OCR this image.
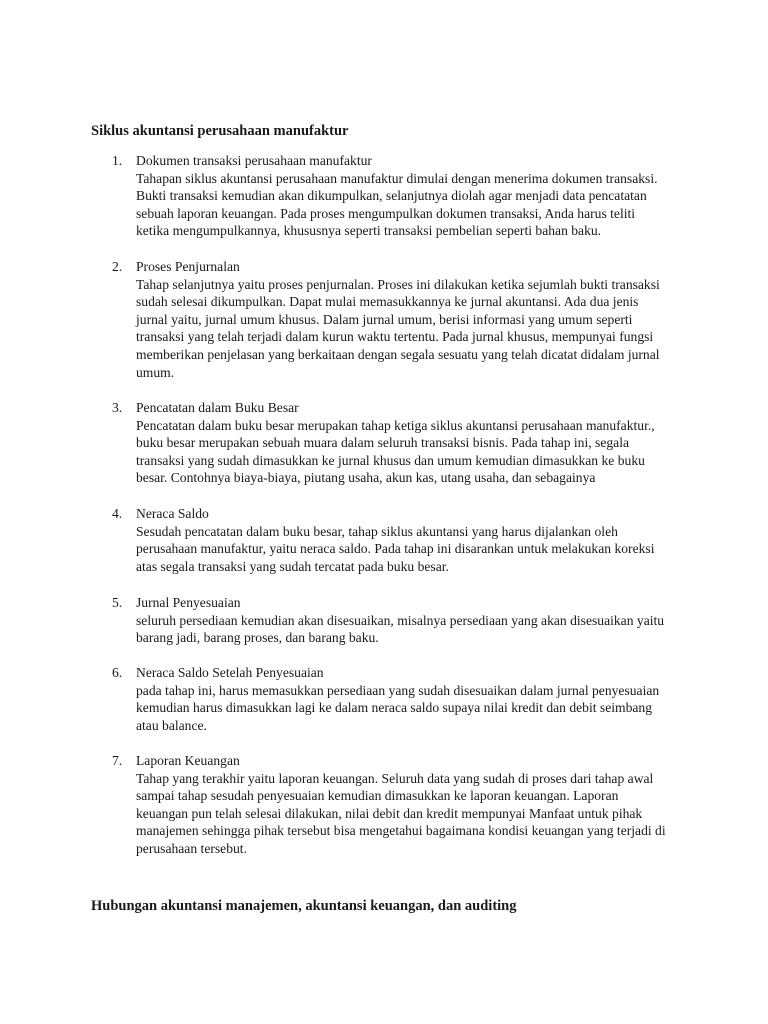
Siklus akuntansi perusahaan manufaktur
1.	Dokumen transaksi perusahaan manufaktur
Tahapan siklus akuntansi perusahaan manufaktur dimulai dengan menerima dokumen transaksi.
Bukti transaksi kemudian akan dikumpulkan, selanjutnya diolah agar menjadi data pencatatan
sebuah laporan keuangan. Pada proses mengumpulkan dokumen transaksi, Anda harus teliti
ketika mengumpulkannya, khususnya seperti transaksi pembelian seperti bahan baku.
2.	Proses Penjurnalan
Tahap selanjutnya yaitu proses penjurnalan. Proses ini dilakukan ketika sejumlah bukti transaksi
sudah selesai dikumpulkan. Dapat mulai memasukkannya ke jurnal akuntansi. Ada dua jenis
jurnal yaitu, jurnal umum khusus. Dalam jurnal umum, berisi informasi yang umum seperti
transaksi yang telah terjadi dalam kurun waktu tertentu. Pada jurnal khusus, mempunyai fungsi
memberikan penjelasan yang berkaitaan dengan segala sesuatu yang telah dicatat didalam jurnal
umum.
3.	Pencatatan dalam Buku Besar
Pencatatan dalam buku besar merupakan tahap ketiga siklus akuntansi perusahaan manufaktur.,
buku besar merupakan sebuah muara dalam seluruh transaksi bisnis. Pada tahap ini, segala
transaksi yang sudah dimasukkan ke jurnal khusus dan umum kemudian dimasukkan ke buku
besar. Contohnya biaya-biaya, piutang usaha, akun kas, utang usaha, dan sebagainya
4.	Neraca Saldo
Sesudah pencatatan dalam buku besar, tahap siklus akuntansi yang harus dijalankan oleh
perusahaan manufaktur, yaitu neraca saldo. Pada tahap ini disarankan untuk melakukan koreksi
atas segala transaksi yang sudah tercatat pada buku besar.
5.	Jurnal Penyesuaian
seluruh persediaan kemudian akan disesuaikan, misalnya persediaan yang akan disesuaikan yaitu
barang jadi, barang proses, dan barang baku.
6.	Neraca Saldo Setelah Penyesuaian
pada tahap ini, harus memasukkan persediaan yang sudah disesuaikan dalam jurnal penyesuaian
kemudian harus dimasukkan lagi ke dalam neraca saldo supaya nilai kredit dan debit seimbang
atau balance.
7.	Laporan Keuangan
Tahap yang terakhir yaitu laporan keuangan. Seluruh data yang sudah di proses dari tahap awal
sampai tahap sesudah penyesuaian kemudian dimasukkan ke laporan keuangan. Laporan
keuangan pun telah selesai dilakukan, nilai debit dan kredit mempunyai Manfaat untuk pihak
manajemen sehingga pihak tersebut bisa mengetahui bagaimana kondisi keuangan yang terjadi di
perusahaan tersebut.
Hubungan akuntansi manajemen, akuntansi keuangan, dan auditing
